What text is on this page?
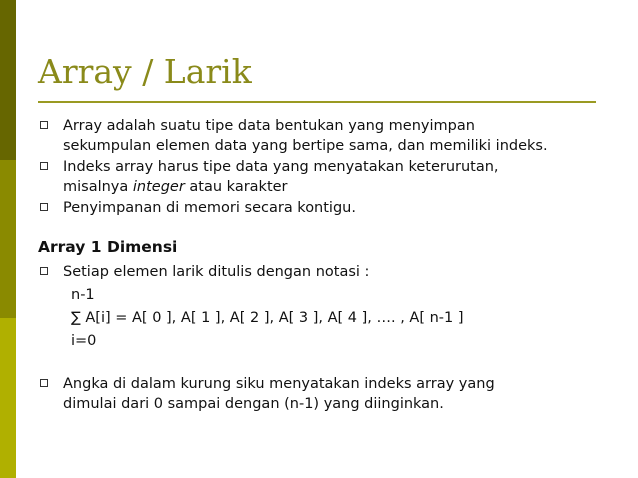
Array / Larik
Array adalah suatu tipe data bentukan yang menyimpan
sekumpulan elemen data yang bertipe sama, dan memiliki indeks.
Indeks array harus tipe data yang menyatakan keterurutan,
misalnya integer atau karakter
Penyimpanan di memori secara kontigu.
Array 1 Dimensi
Setiap elemen larik ditulis dengan notasi :
n-1
∑ A[i] = A[ 0 ], A[ 1 ], A[ 2 ], A[ 3 ], A[ 4 ], …. , A[ n-1 ]
i=0
Angka di dalam kurung siku menyatakan indeks array yang
dimulai dari 0 sampai dengan (n-1) yang diinginkan.
